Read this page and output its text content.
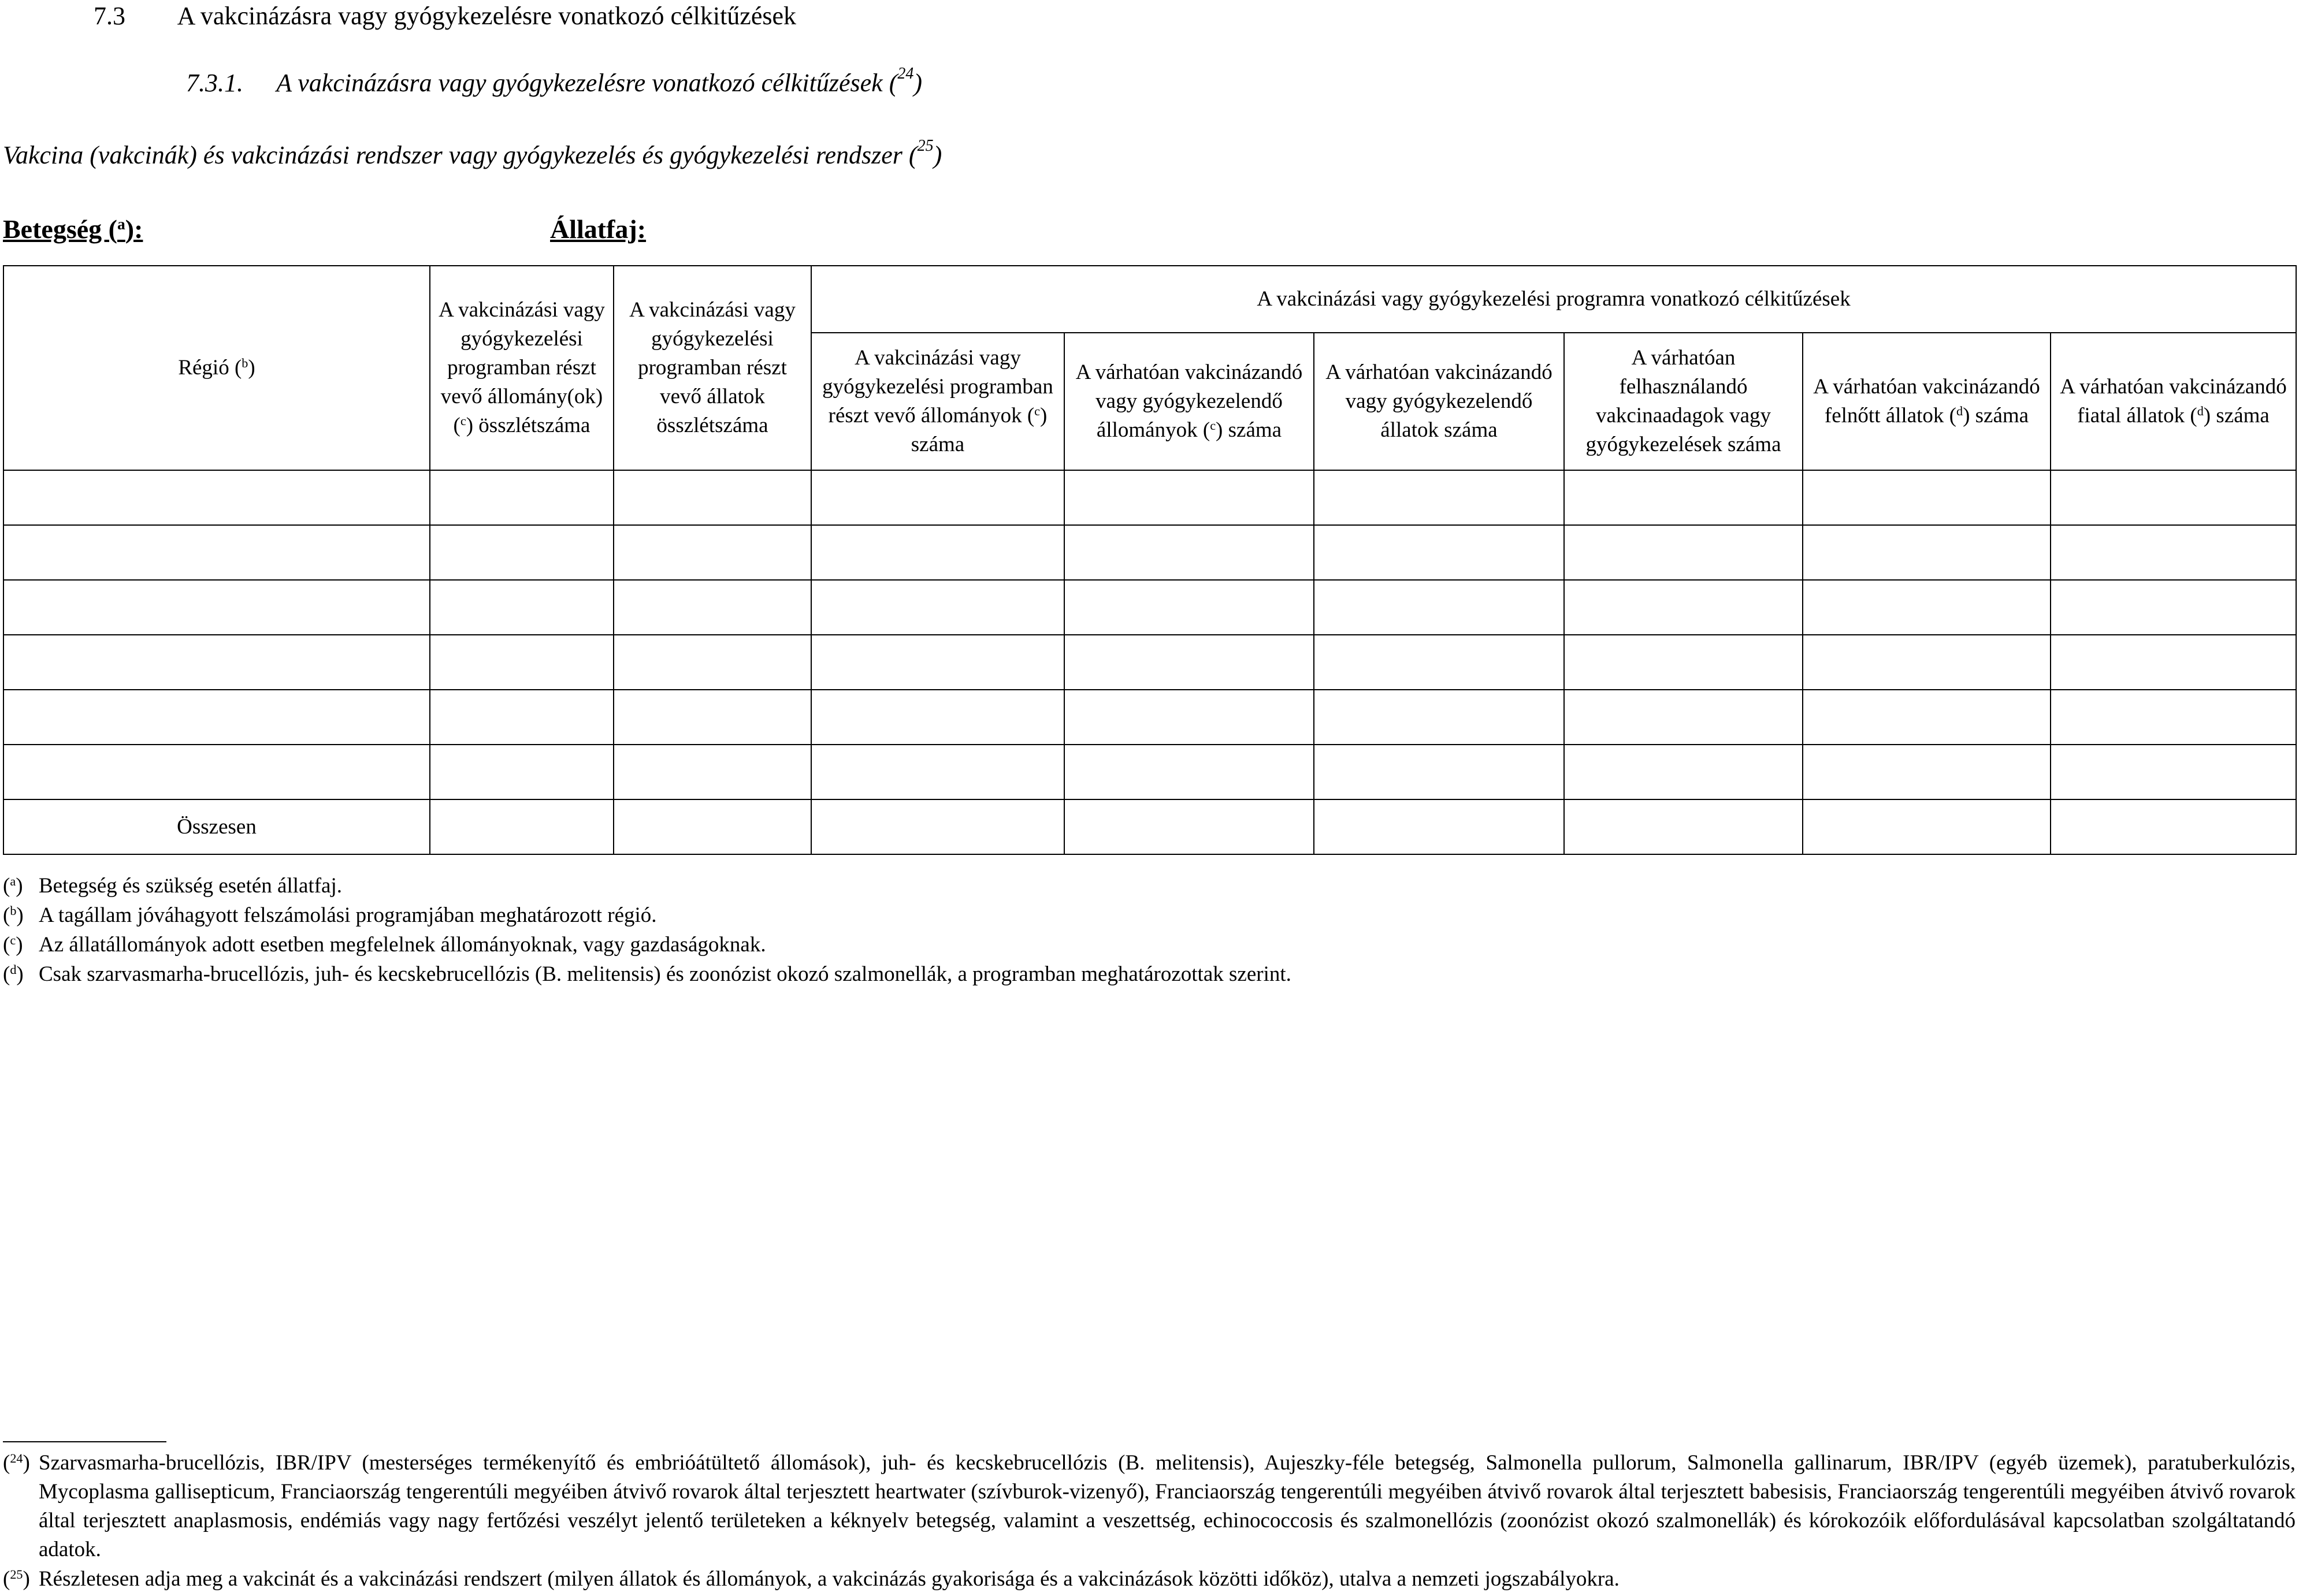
7.3 A vakcinázásra vagy gyógykezelésre vonatkozó célkitűzések
7.3.1. A vakcinázásra vagy gyógykezelésre vonatkozó célkitűzések ($^{24}$)
Vakcina (vakcinák) és vakcinázási rendszer vagy gyógykezelés és gyógykezelési rendszer ($^{25}$)
Betegség ($^a$):	Állatfaj:
Régió ($^b$)	A vakcinázási vagy gyógykezelési programban részt vevő állomány(ok) ($^c$) összlétszáma	A vakcinázási vagy gyógykezelési programban részt vevő állatok összlétszáma	A vakcinázási vagy gyógykezelési programra vonatkozó célkitűzések					
			A vakcinázási vagy gyógykezelési programban részt vevő állományok ($^c$) száma	A várhatóan vakcinázandó vagy gyógykezelendő állományok ($^c$) száma	A várhatóan vakcinázandó vagy gyógykezelendő állatok száma	A várhatóan felhasználandó vakcinaadagok vagy gyógykezelések száma	A várhatóan vakcinázandó felnőtt állatok ($^d$) száma	A várhatóan vakcinázandó fiatal állatok ($^d$) száma

Összesen								
($^a$) Betegség és szükség esetén állatfaj.
($^b$) A tagállam jóváhagyott felszámolási programjában meghatározott régió.
($^c$) Az állatállományok adott esetben megfelelnek állományoknak, vagy gazdaságoknak.
($^d$) Csak szarvasmarha-brucellózis, juh- és kecskebrucellózis (B. melitensis) és zoonózist okozó szalmonellák, a programban meghatározottak szerint.
($^{24}$) Szarvasmarha-brucellózis, IBR/IPV (mesterséges termékenyítő és embrióátültető állomások), juh- és kecskebrucellózis (B. melitensis), Aujeszky-féle betegség, Salmonella pullorum, Salmonella gallinarum, IBR/IPV (egyéb üzemek), paratuberkulózis, Mycoplasma gallisepticum, Franciaország tengerentúli megyéiben átvivő rovarok által terjesztett heartwater (szívburok-vizenyő), Franciaország tengerentúli megyéiben átvivő rovarok által terjesztett babesisis, Franciaország tengerentúli megyéiben átvivő rovarok által terjesztett anaplasmosis, endémiás vagy nagy fertőzési veszélyt jelentő területeken a kéknyelv betegség, valamint a veszettség, echinococcosis és szalmonellózis (zoonózist okozó szalmonellák) és kórokozóik előfordulásával kapcsolatban szolgáltatandó adatok.
($^{25}$) Részletesen adja meg a vakcinát és a vakcinázási rendszert (milyen állatok és állományok, a vakcinázás gyakorisága és a vakcinázások közötti időköz), utalva a nemzeti jogszabályokra.
